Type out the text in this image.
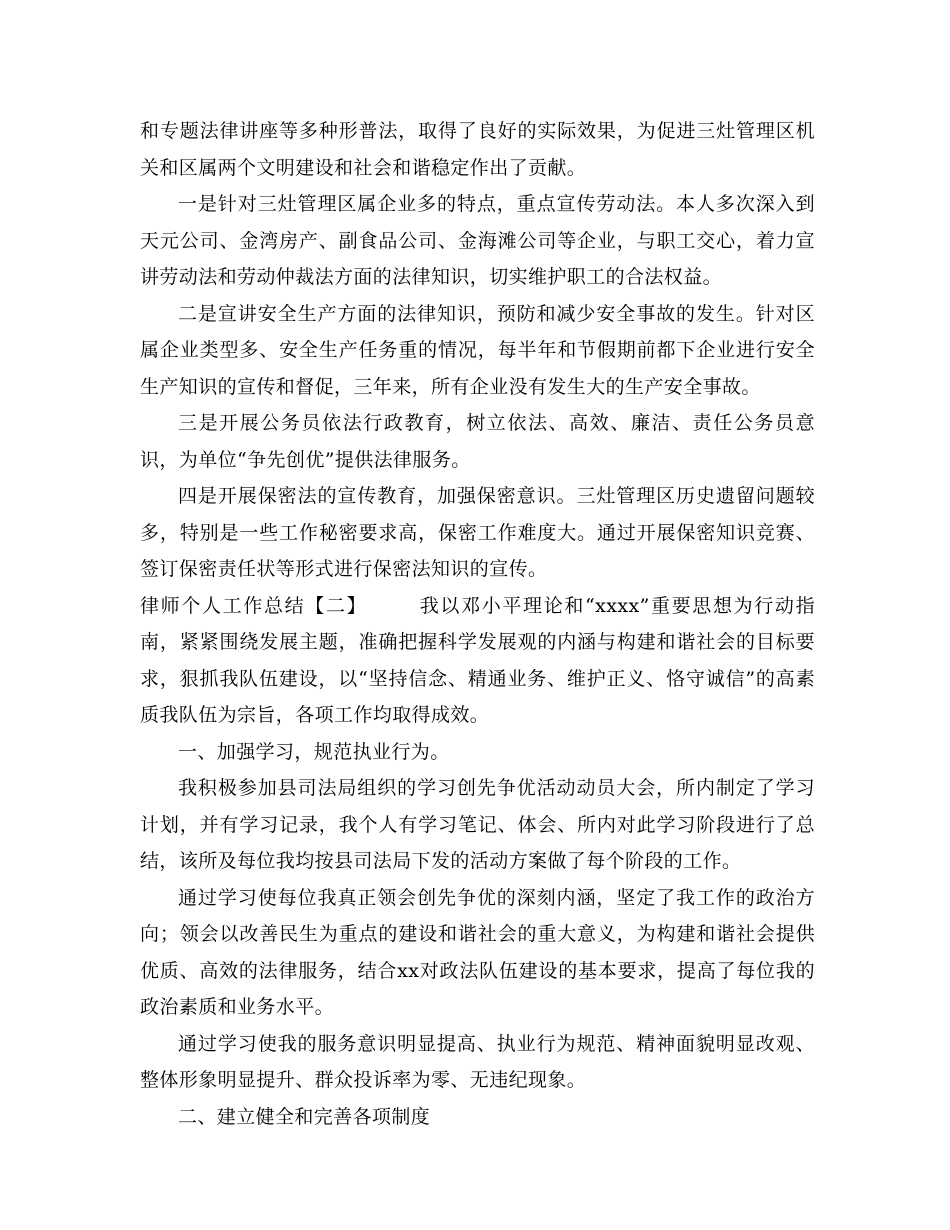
和专题法律讲座等多种形普法，取得了良好的实际效果，为促进三灶管理区机关和区属两个文明建设和社会和谐稳定作出了贡献。

一是针对三灶管理区属企业多的特点，重点宣传劳动法。本人多次深入到天元公司、金湾房产、副食品公司、金海滩公司等企业，与职工交心，着力宣讲劳动法和劳动仲裁法方面的法律知识，切实维护职工的合法权益。

二是宣讲安全生产方面的法律知识，预防和减少安全事故的发生。针对区属企业类型多、安全生产任务重的情况，每半年和节假期前都下企业进行安全生产知识的宣传和督促，三年来，所有企业没有发生大的生产安全事故。

三是开展公务员依法行政教育，树立依法、高效、廉洁、责任公务员意识，为单位“争先创优”提供法律服务。

四是开展保密法的宣传教育，加强保密意识。三灶管理区历史遗留问题较多，特别是一些工作秘密要求高，保密工作难度大。通过开展保密知识竞赛、签订保密责任状等形式进行保密法知识的宣传。

律师个人工作总结【二】　　　	我以邓小平理论和“xxxx”重要思想为行动指南，紧紧围绕发展主题，准确把握科学发展观的内涵与构建和谐社会的目标要求，狠抓我队伍建设，以“坚持信念、精通业务、维护正义、恪守诚信”的高素质我队伍为宗旨，各项工作均取得成效。

一、加强学习，规范执业行为。

我积极参加县司法局组织的学习创先争优活动动员大会，所内制定了学习计划，并有学习记录，我个人有学习笔记、体会、所内对此学习阶段进行了总结，该所及每位我均按县司法局下发的活动方案做了每个阶段的工作。

通过学习使每位我真正领会创先争优的深刻内涵，坚定了我工作的政治方向；领会以改善民生为重点的建设和谐社会的重大意义，为构建和谐社会提供优质、高效的法律服务，结合xx对政法队伍建设的基本要求，提高了每位我的政治素质和业务水平。

通过学习使我的服务意识明显提高、执业行为规范、精神面貌明显改观、整体形象明显提升、群众投诉率为零、无违纪现象。

二、建立健全和完善各项制度
